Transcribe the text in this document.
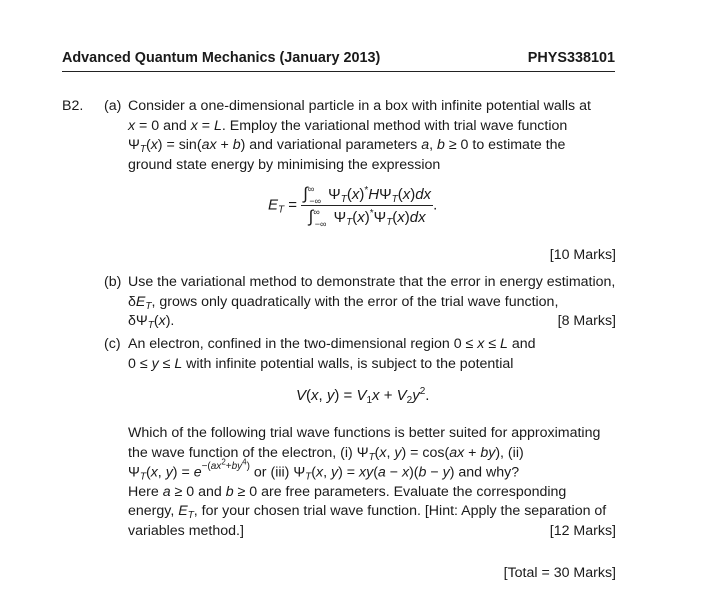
Advanced Quantum Mechanics (January 2013)	PHYS338101
B2. (a) Consider a one-dimensional particle in a box with infinite potential walls at
x = 0 and x = L. Employ the variational method with trial wave function
$\Psi_T(x) = \sin(ax + b)$ and variational parameters a, b ≥ 0 to estimate the
ground state energy by minimising the expression
$E_T = \frac{\int^\infty_{-\infty} \Psi_T(x)^*H\Psi_T(x)dx}{\int^\infty_{-\infty} \Psi_T(x)^*\Psi_T(x)dx}$ .
[10 Marks]
(b) Use the variational method to demonstrate that the error in energy estimation,
$\delta E_T$, grows only quadratically with the error of the trial wave function,
$\delta\Psi_T(x)$.	[8 Marks]
(c) An electron, confined in the two-dimensional region 0 ≤ x ≤ L and
0 ≤ y ≤ L with infinite potential walls, is subject to the potential
V(x, $y) = V_1x + V_2y^2$.
Which of the following trial wave functions is better suited for approximating
the wave function of the electron, (i) $\Psi_T(x$, y) = cos(ax + by), (ii)
$\Psi_T(x$, $y) = e^{-(ax^2+by^4)}$ or (iii) $\Psi_T(x$, y) = xy(a − x)(b − y) and why?
Here a ≥ 0 and b ≥ 0 are free parameters. Evaluate the corresponding
energy, $E_T$, for your chosen trial wave function. [Hint: Apply the separation of
variables method.]	[12 Marks]
[Total = 30 Marks]
